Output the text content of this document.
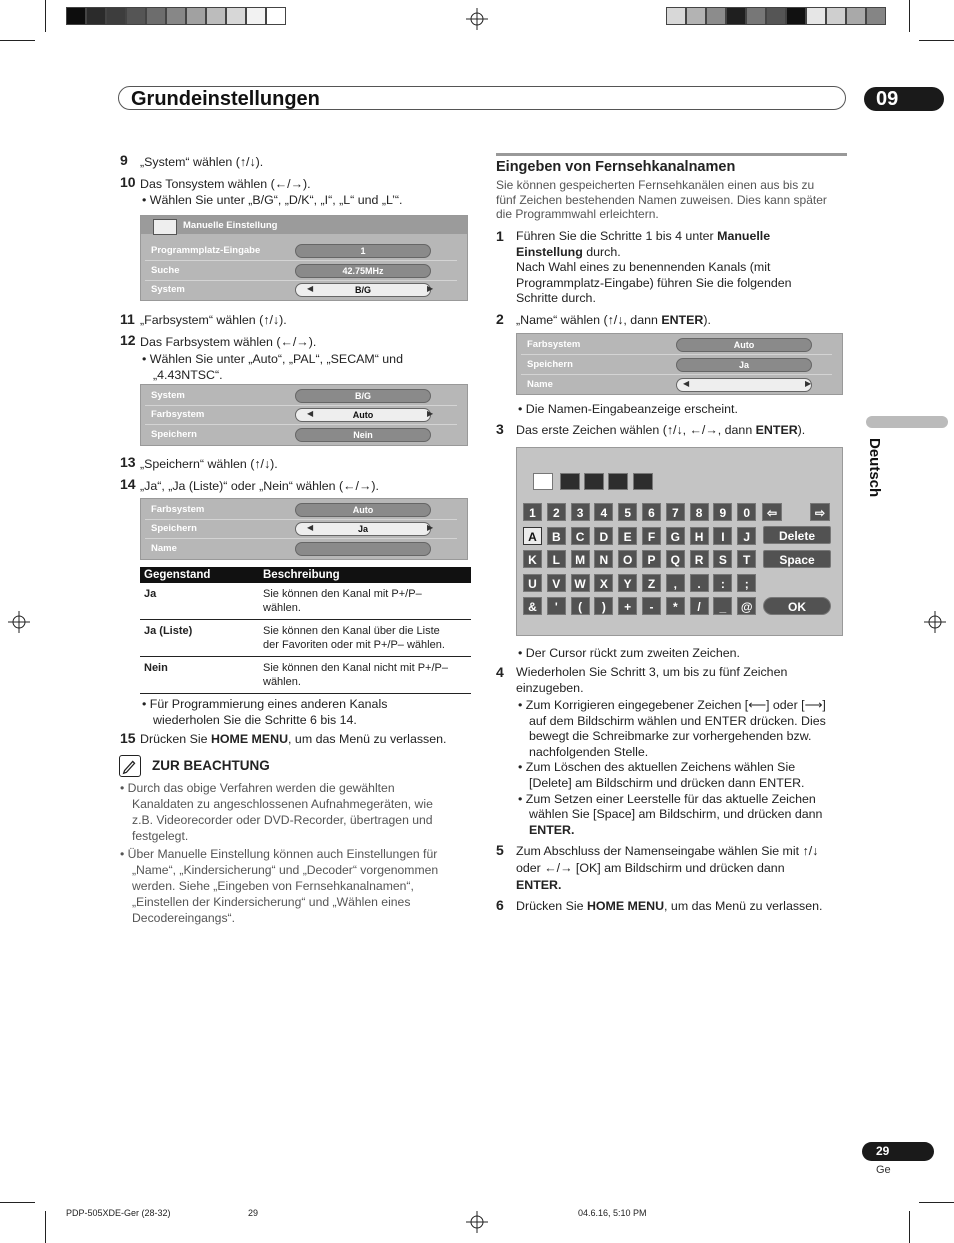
Grundeinstellungen	09
Deutsch
9 „System“ wählen (↑/↓).
10 Das Tonsystem wählen (←/→).
• Wählen Sie unter „B/G“, „D/K“, „I“, „L“ und „L’“.
Manuelle Einstellung
Programmplatz-Eingabe	1
Suche	42.75MHz
System	B/G
◀	▶
11 „Farbsystem“ wählen (↑/↓).
12 Das Farbsystem wählen (←/→).
• Wählen Sie unter „Auto“, „PAL“, „SECAM“ und
„4.43NTSC“.
System	B/G
Farbsystem	Auto
◀	▶
Speichern	Nein
13 „Speichern“ wählen (↑/↓).
14 „Ja“, „Ja (Liste)“ oder „Nein“ wählen (←/→).
Farbsystem	Auto
Speichern	Ja
◀	▶
Name
Gegenstand	Beschreibung
Ja	Sie können den Kanal mit P+/P–
wählen.

Ja (Liste)	Sie können den Kanal über die Liste
der Favoriten oder mit P+/P– wählen.

Nein	Sie können den Kanal nicht mit P+/P–
wählen.
• Für Programmierung eines anderen Kanals
wiederholen Sie die Schritte 6 bis 14.
15 Drücken Sie HOME MENU, um das Menü zu verlassen.
ZUR BEACHTUNG
• Durch das obige Verfahren werden die gewählten
Kanaldaten zu angeschlossenen Aufnahmegeräten, wie
z.B. Videorecorder oder DVD-Recorder, übertragen und
festgelegt.
• Über Manuelle Einstellung können auch Einstellungen für
„Name“, „Kindersicherung“ und „Decoder“ vorgenommen
werden. Siehe „Eingeben von Fernsehkanalnamen“,
„Einstellen der Kindersicherung“ und „Wählen eines
Decodereingangs“.
Eingeben von Fernsehkanalnamen
Sie können gespeicherten Fernsehkanälen einen aus bis zu
fünf Zeichen bestehenden Namen zuweisen. Dies kann später
die Programmwahl erleichtern.
1 Führen Sie die Schritte 1 bis 4 unter Manuelle
Einstellung durch.
Nach Wahl eines zu benennenden Kanals (mit
Programmplatz-Eingabe) führen Sie die folgenden
Schritte durch.
2 „Name“ wählen (↑/↓, dann ENTER).
Farbsystem	Auto
Speichern	Ja
Name	◀	▶
• Die Namen-Eingabeanzeige erscheint.
3 Das erste Zeichen wählen (↑/↓, ←/→, dann ENTER).
⇦	⇨
Delete
Space
OK
1	2	3	4	5	6	7	8	9	0
A	B	C	D	E	F	G	H	I	J
K	L	M	N	O	P	Q	R	S	T
U	V	W	X	Y	Z	,	.	:	;
&	'	(	)	+	-	*	/	_	@
• Der Cursor rückt zum zweiten Zeichen.
4 Wiederholen Sie Schritt 3, um bis zu fünf Zeichen
einzugeben.
• Zum Korrigieren eingegebener Zeichen [⟵] oder [⟶]
auf dem Bildschirm wählen und ENTER drücken. Dies
bewegt die Schreibmarke zur vorhergehenden bzw.
nachfolgenden Stelle.
• Zum Löschen des aktuellen Zeichens wählen Sie
[Delete] am Bildschirm und drücken dann ENTER.
• Zum Setzen einer Leerstelle für das aktuelle Zeichen
wählen Sie [Space] am Bildschirm, und drücken dann
ENTER.
5 Zum Abschluss der Namenseingabe wählen Sie mit ↑/↓
oder ←/→ [OK] am Bildschirm und drücken dann
ENTER.
6 Drücken Sie HOME MENU, um das Menü zu verlassen.
29
Ge
PDP-505XDE-Ger (28-32)	29	04.6.16, 5:10 PM
